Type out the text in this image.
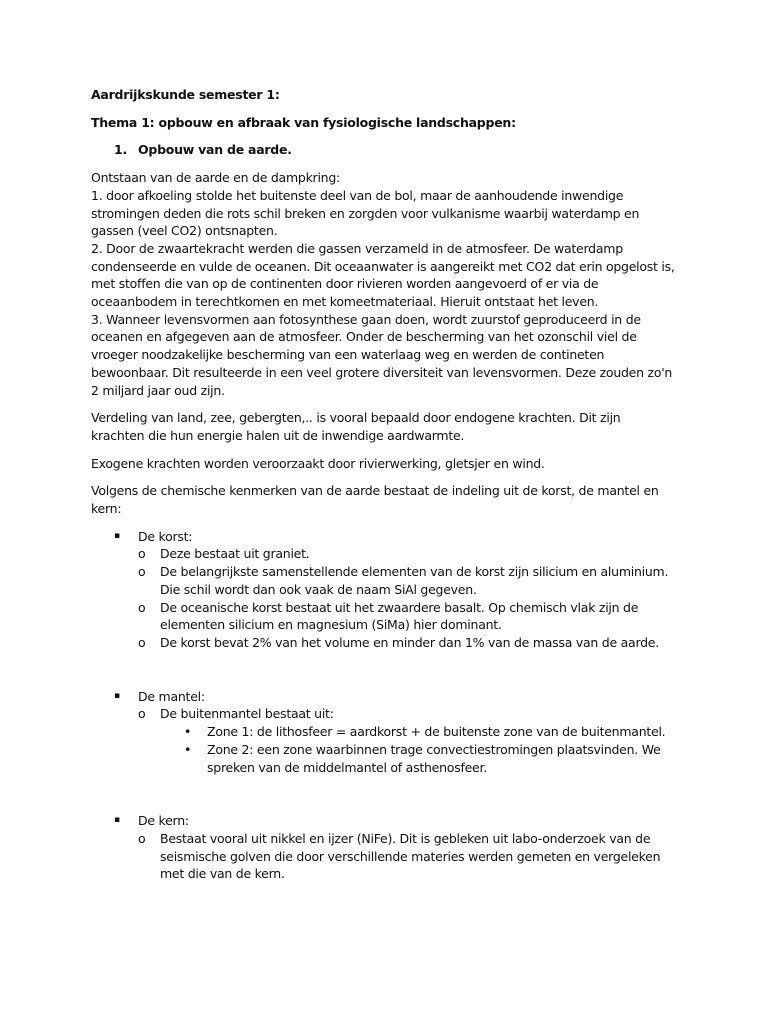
Aardrijkskunde semester 1:

Thema 1: opbouw en afbraak van fysiologische landschappen:

1. Opbouw van de aarde.

Ontstaan van de aarde en de dampkring:

1. door afkoeling stolde het buitenste deel van de bol, maar de aanhoudende inwendige stromingen deden die rots schil breken en zorgden voor vulkanisme waarbij waterdamp en gassen (veel CO2) ontsnapten.

2. Door de zwaartekracht werden die gassen verzameld in de atmosfeer. De waterdamp condenseerde en vulde de oceanen. Dit oceaanwater is aangereikt met CO2 dat erin opgelost is, met stoffen die van op de continenten door rivieren worden aangevoerd of er via de oceaanbodem in terechtkomen en met komeetmateriaal. Hieruit ontstaat het leven.

3. Wanneer levensvormen aan fotosynthese gaan doen, wordt zuurstof geproduceerd in de oceanen en afgegeven aan de atmosfeer. Onder de bescherming van het ozonschil viel de vroeger noodzakelijke bescherming van een waterlaag weg en werden de contineten bewoonbaar. Dit resulteerde in een veel grotere diversiteit van levensvormen. Deze zouden zo'n 2 miljard jaar oud zijn.

Verdeling van land, zee, gebergten,.. is vooral bepaald door endogene krachten. Dit zijn krachten die hun energie halen uit de inwendige aardwarmte.

Exogene krachten worden veroorzaakt door rivierwerking, gletsjer en wind.

Volgens de chemische kenmerken van de aarde bestaat de indeling uit de korst, de mantel en kern:

▪	De korst:
o	Deze bestaat uit graniet.
o	De belangrijkste samenstellende elementen van de korst zijn silicium en aluminium. Die schil wordt dan ook vaak de naam SiAl gegeven.
o	De oceanische korst bestaat uit het zwaardere basalt. Op chemisch vlak zijn de elementen silicium en magnesium (SiMa) hier dominant.
o	De korst bevat 2% van het volume en minder dan 1% van de massa van de aarde.
▪	De mantel:
o	De buitenmantel bestaat uit:
•	Zone 1: de lithosfeer = aardkorst + de buitenste zone van de buitenmantel.
•	Zone 2: een zone waarbinnen trage convectiestromingen plaatsvinden. We spreken van de middelmantel of asthenosfeer.
▪	De kern:
o	Bestaat vooral uit nikkel en ijzer (NiFe). Dit is gebleken uit labo-onderzoek van de seismische golven die door verschillende materies werden gemeten en vergeleken met die van de kern.
